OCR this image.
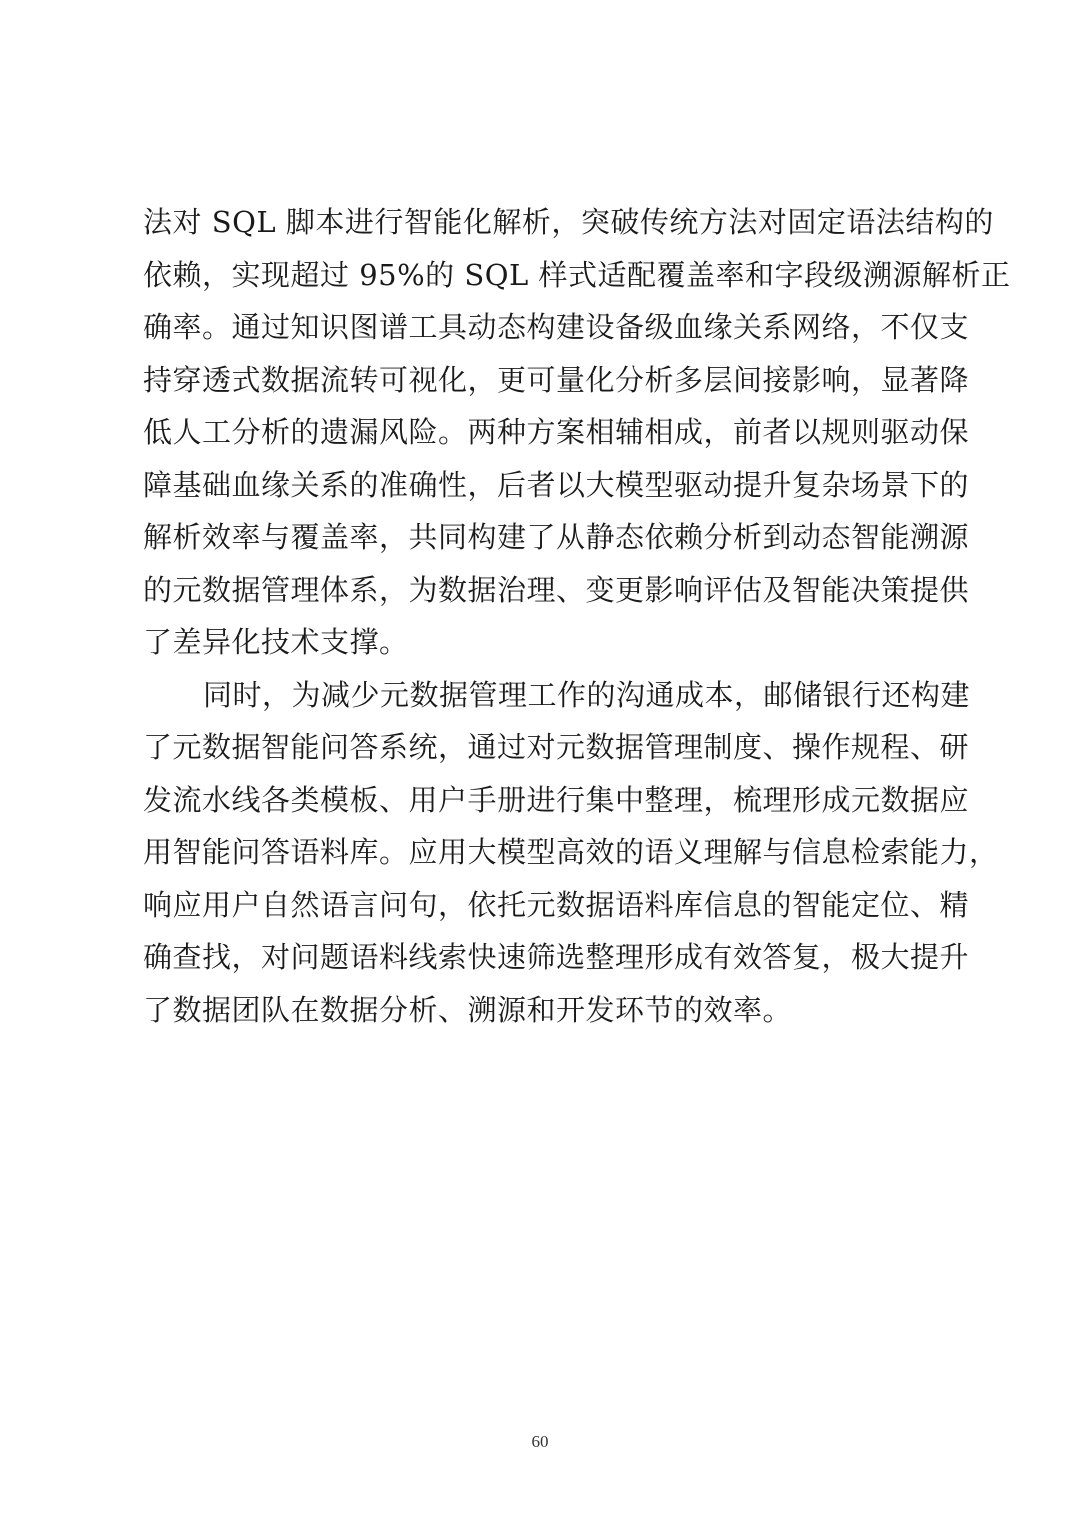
法对 SQL 脚本进行智能化解析，突破传统方法对固定语法结构的
依赖，实现超过 95%的 SQL 样式适配覆盖率和字段级溯源解析正
确率。通过知识图谱工具动态构建设备级血缘关系网络，不仅支
持穿透式数据流转可视化，更可量化分析多层间接影响，显著降
低人工分析的遗漏风险。两种方案相辅相成，前者以规则驱动保
障基础血缘关系的准确性，后者以大模型驱动提升复杂场景下的
解析效率与覆盖率，共同构建了从静态依赖分析到动态智能溯源
的元数据管理体系，为数据治理、变更影响评估及智能决策提供
了差异化技术支撑。
同时，为减少元数据管理工作的沟通成本，邮储银行还构建
了元数据智能问答系统，通过对元数据管理制度、操作规程、研
发流水线各类模板、用户手册进行集中整理，梳理形成元数据应
用智能问答语料库。应用大模型高效的语义理解与信息检索能力，
响应用户自然语言问句，依托元数据语料库信息的智能定位、精
确查找，对问题语料线索快速筛选整理形成有效答复，极大提升
了数据团队在数据分析、溯源和开发环节的效率。
60
